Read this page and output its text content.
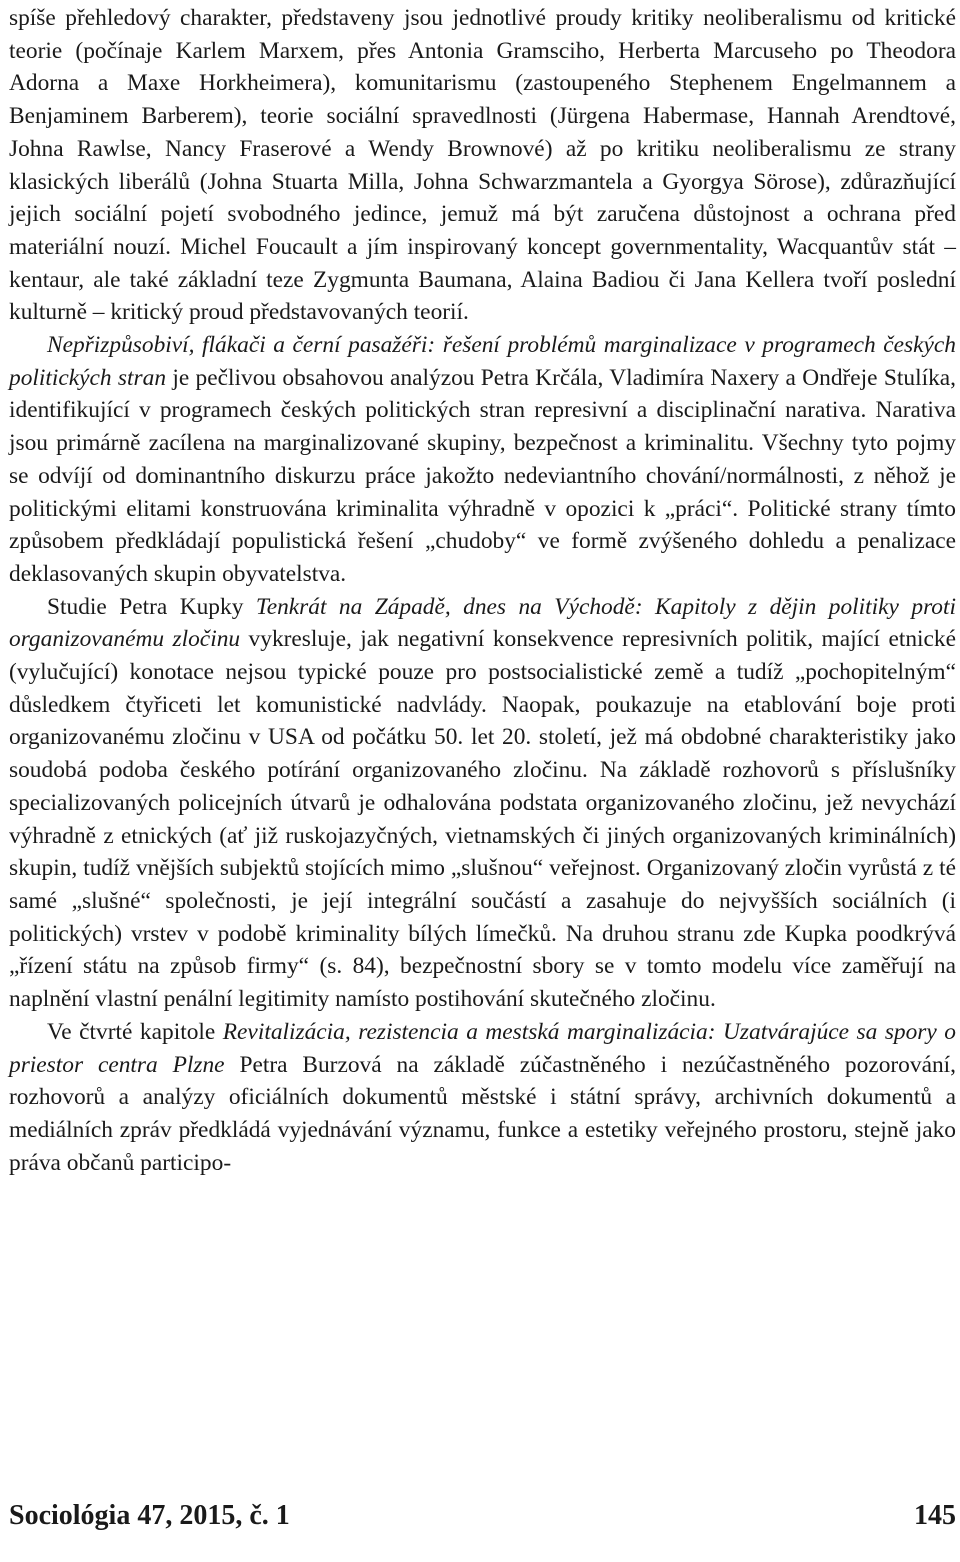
spíše přehledový charakter, představeny jsou jednotlivé proudy kritiky neoliberalismu od kritické teorie (počínaje Karlem Marxem, přes Antonia Gramsciho, Herberta Marcuseho po Theodora Adorna a Maxe Horkheimera), komunitarismu (zastoupeného Stephenem Engelmannem a Benjaminem Barberem), teorie sociální spravedlnosti (Jürgena Habermase, Hannah Arendtové, Johna Rawlse, Nancy Fraserové a Wendy Brownové) až po kritiku neoliberalismu ze strany klasických liberálů (Johna Stuarta Milla, Johna Schwarzmantela a Gyorgya Sörose), zdůrazňující jejich sociální pojetí svobodného jedince, jemuž má být zaručena důstojnost a ochrana před materiální nouzí. Michel Foucault a jím inspirovaný koncept governmentality, Wacquantův stát – kentaur, ale také základní teze Zygmunta Baumana, Alaina Badiou či Jana Kellera tvoří poslední kulturně – kritický proud představovaných teorií.

Nepřizpůsobiví, flákači a černí pasažéři: řešení problémů marginalizace v programech českých politických stran je pečlivou obsahovou analýzou Petra Krčála, Vladimíra Naxery a Ondřeje Stulíka, identifikující v programech českých politických stran represivní a disciplinační narativa. Narativa jsou primárně zacílena na marginalizované skupiny, bezpečnost a kriminalitu. Všechny tyto pojmy se odvíjí od dominantního diskurzu práce jakožto nedeviantního chování/normálnosti, z něhož je politickými elitami konstruována kriminalita výhradně v opozici k „práci“. Politické strany tímto způsobem předkládají populistická řešení „chudoby“ ve formě zvýšeného dohledu a penalizace deklasovaných skupin obyvatelstva.

Studie Petra Kupky Tenkrát na Západě, dnes na Východě: Kapitoly z dějin politiky proti organizovanému zločinu vykresluje, jak negativní konsekvence represivních politik, mající etnické (vylučující) konotace nejsou typické pouze pro postsocialistické země a tudíž „pochopitelným“ důsledkem čtyřiceti let komunistické nadvlády. Naopak, poukazuje na etablování boje proti organizovanému zločinu v USA od počátku 50. let 20. století, jež má obdobné charakteristiky jako soudobá podoba českého potírání organizovaného zločinu. Na základě rozhovorů s příslušníky specializovaných policejních útvarů je odhalována podstata organizovaného zločinu, jež nevychází výhradně z etnických (ať již ruskojazyčných, vietnamských či jiných organizovaných kriminálních) skupin, tudíž vnějších subjektů stojících mimo „slušnou“ veřejnost. Organizovaný zločin vyrůstá z té samé „slušné“ společnosti, je její integrální součástí a zasahuje do nejvyšších sociálních (i politických) vrstev v podobě kriminality bílých límečků. Na druhou stranu zde Kupka poodkrývá „řízení státu na způsob firmy“ (s. 84), bezpečnostní sbory se v tomto modelu více zaměřují na naplnění vlastní penální legitimity namísto postihování skutečného zločinu.

Ve čtvrté kapitole Revitalizácia, rezistencia a mestská marginalizácia: Uzatvárajúce sa spory o priestor centra Plzne Petra Burzová na základě zúčastněného i nezúčastněného pozorování, rozhovorů a analýzy oficiálních dokumentů městské i státní správy, archivních dokumentů a mediálních zpráv předkládá vyjednávání významu, funkce a estetiky veřejného prostoru, stejně jako práva občanů participo-

Sociológia 47, 2015, č. 1	145
